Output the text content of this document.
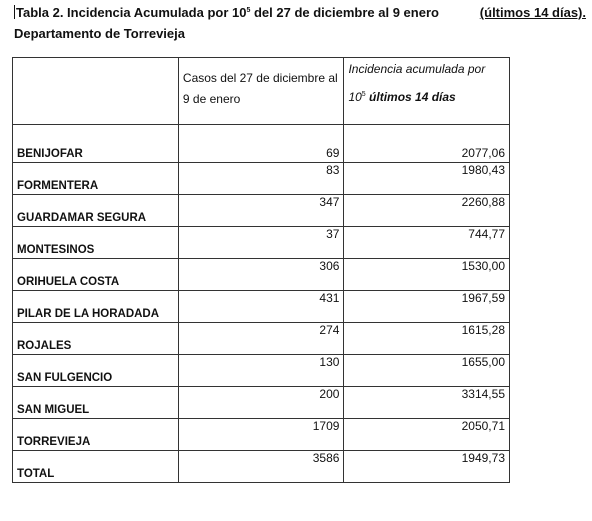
Tabla 2. Incidencia Acumulada por $10^5$ del 27 de diciembre al 9 enero	(últimos 14 días).
Departamento de Torrevieja
	Casos del 27 de diciembre al 9 de enero	Incidencia acumulada por
$10^5$ últimos 14 días

BENIJOFAR	69	2077,06
FORMENTERA	83	1980,43
GUARDAMAR SEGURA	347	2260,88
MONTESINOS	37	744,77
ORIHUELA COSTA	306	1530,00
PILAR DE LA HORADADA	431	1967,59
ROJALES	274	1615,28
SAN FULGENCIO	130	1655,00
SAN MIGUEL	200	3314,55
TORREVIEJA	1709	2050,71
TOTAL	3586	1949,73
